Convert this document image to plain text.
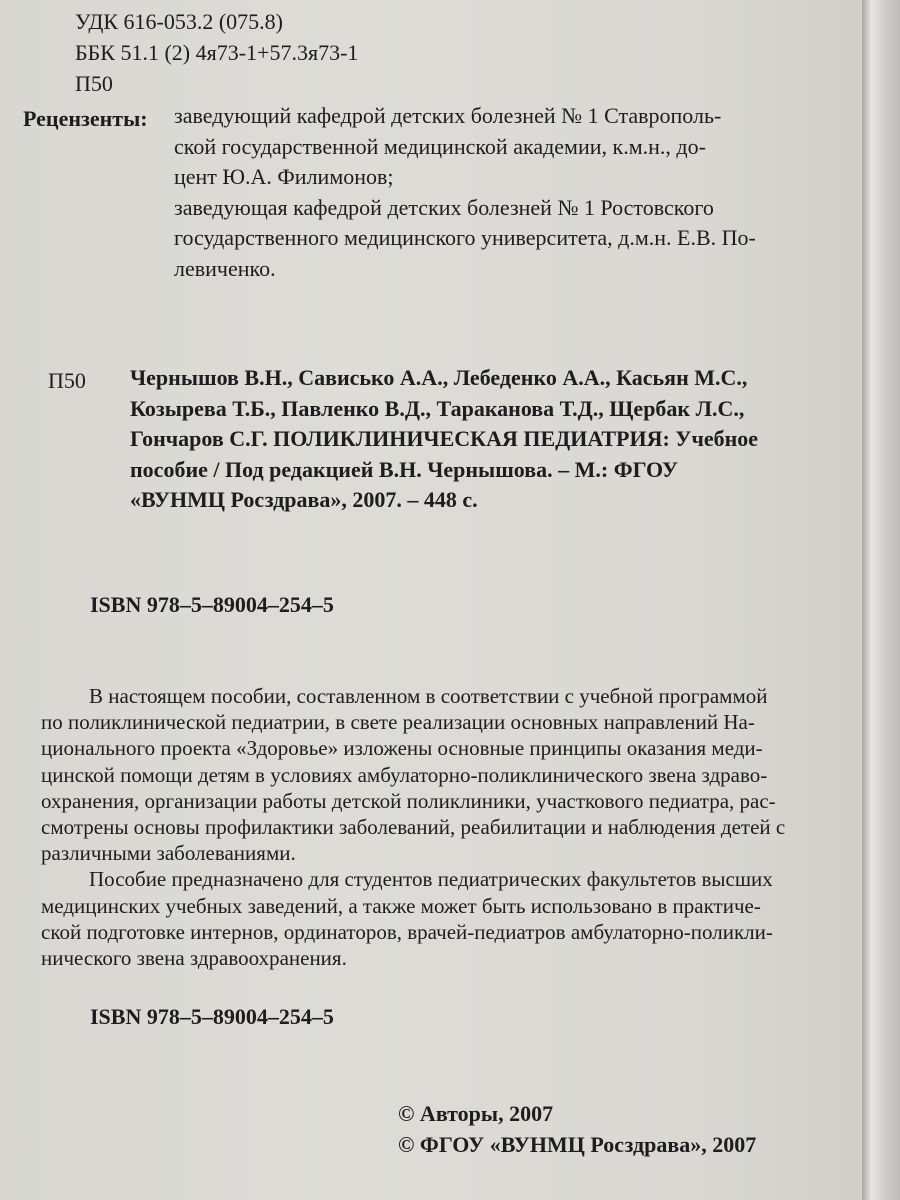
УДК 616-053.2 (075.8)
ББК 51.1 (2) 4я73-1+57.3я73-1
П50
Рецензенты: заведующий кафедрой детских болезней № 1 Ставрополь-
ской государственной медицинской академии, к.м.н., до-
цент Ю.А. Филимонов;
заведующая кафедрой детских болезней № 1 Ростовского
государственного медицинского университета, д.м.н. Е.В. По-
левиченко.
П50 Чернышов В.Н., Сависько А.А., Лебеденко А.А., Касьян М.С.,
Козырева Т.Б., Павленко В.Д., Тараканова Т.Д., Щербак Л.С.,
Гончаров С.Г. ПОЛИКЛИНИЧЕСКАЯ ПЕДИАТРИЯ: Учебное
пособие / Под редакцией В.Н. Чернышова. – М.: ФГОУ
«ВУНМЦ Росздрава», 2007. – 448 с.
ISBN 978–5–89004–254–5
В настоящем пособии, составленном в соответствии с учебной программой
по поликлинической педиатрии, в свете реализации основных направлений На-
ционального проекта «Здоровье» изложены основные принципы оказания меди-
цинской помощи детям в условиях амбулаторно-поликлинического звена здраво-
охранения, организации работы детской поликлиники, участкового педиатра, рас-
смотрены основы профилактики заболеваний, реабилитации и наблюдения детей с
различными заболеваниями.
Пособие предназначено для студентов педиатрических факультетов высших
медицинских учебных заведений, а также может быть использовано в практиче-
ской подготовке интернов, ординаторов, врачей-педиатров амбулаторно-поликли-
нического звена здравоохранения.
ISBN 978–5–89004–254–5
© Авторы, 2007
© ФГОУ «ВУНМЦ Росздрава», 2007
